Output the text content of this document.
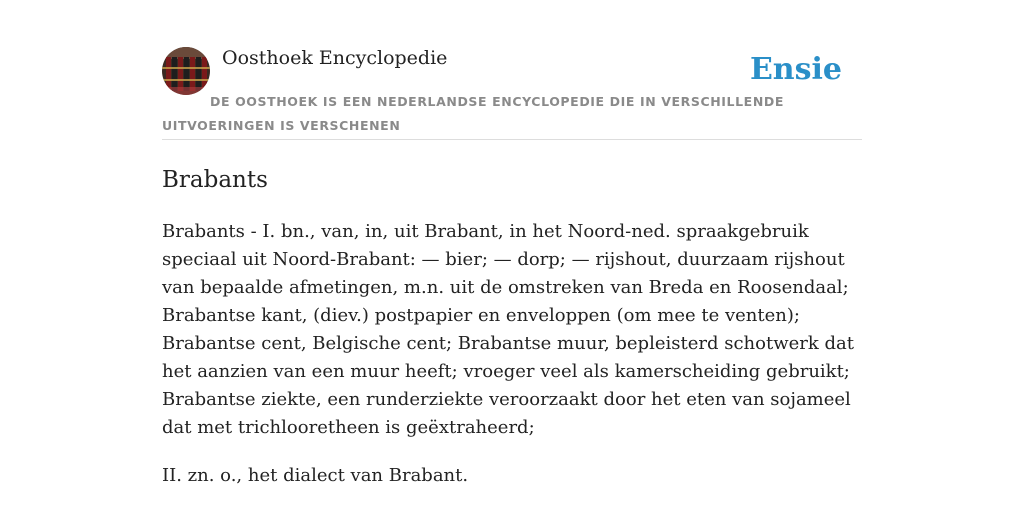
Oosthoek Encyclopedie	Ensie
DE OOSTHOEK IS EEN NEDERLANDSE ENCYCLOPEDIE DIE IN VERSCHILLENDE UITVOERINGEN IS VERSCHENEN
Brabants

Brabants - I. bn., van, in, uit Brabant, in het Noord-ned. spraakgebruik speciaal uit Noord-Brabant: — bier; — dorp; — rijshout, duurzaam rijshout van bepaalde afmetingen, m.n. uit de omstreken van Breda en Roosendaal; Brabantse kant, (diev.) postpapier en enveloppen (om mee te venten); Brabantse cent, Belgische cent; Brabantse muur, bepleisterd schotwerk dat het aanzien van een muur heeft; vroeger veel als kamerscheiding gebruikt; Brabantse ziekte, een runderziekte veroorzaakt door het eten van sojameel dat met trichlooretheen is geëxtraheerd;

II. zn. o., het dialect van Brabant.
